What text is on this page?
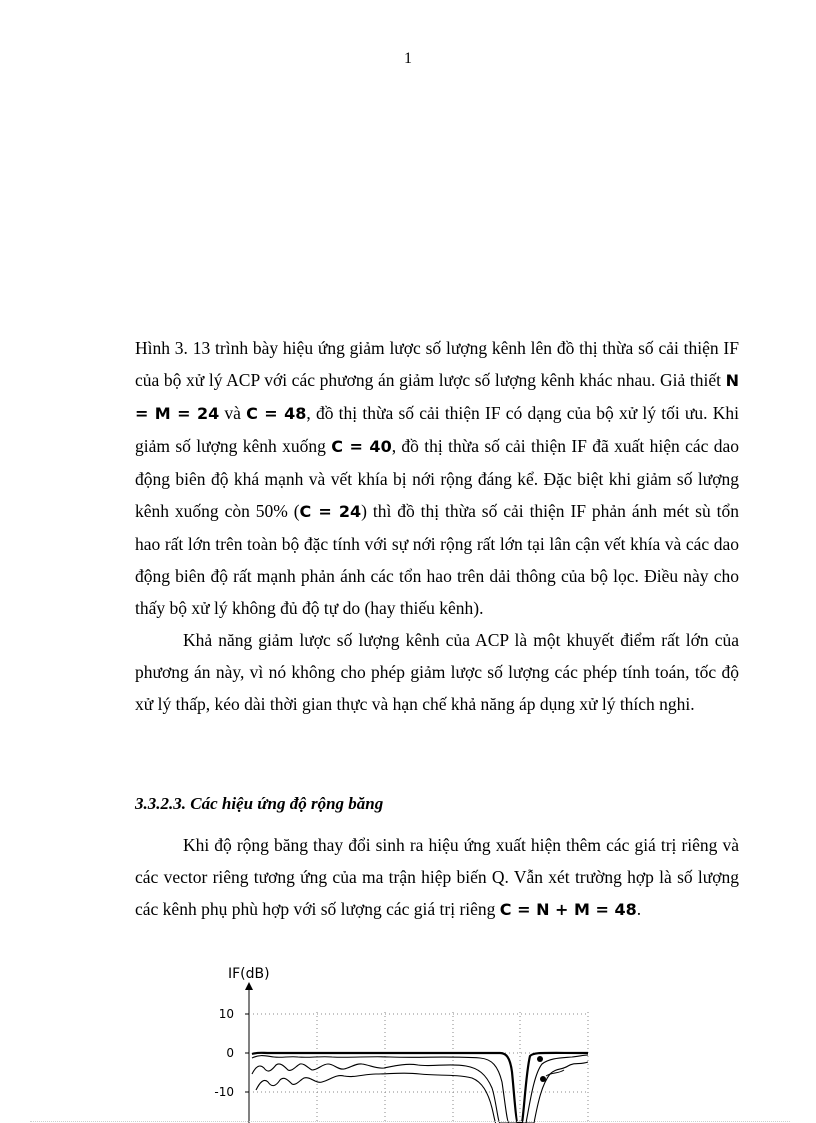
1

Hình 3. 13 trình bày hiệu ứng giảm lược số lượng kênh lên đồ thị thừa số cải thiện IF của bộ xử lý ACP với các phương án giảm lược số lượng kênh khác nhau. Giả thiết N = M = 24 và C = 48, đồ thị thừa số cải thiện IF có dạng của bộ xử lý tối ưu. Khi giảm số lượng kênh xuống C = 40, đồ thị thừa số cải thiện IF đã xuất hiện các dao động biên độ khá mạnh và vết khía bị nới rộng đáng kể. Đặc biệt khi giảm số lượng kênh xuống còn 50% (C = 24) thì đồ thị thừa số cải thiện IF phản ánh mét sù tổn hao rất lớn trên toàn bộ đặc tính với sự nới rộng rất lớn tại lân cận vết khía và các dao động biên độ rất mạnh phản ánh các tổn hao trên dải thông của bộ lọc. Điều này cho thấy bộ xử lý không đủ độ tự do (hay thiếu kênh).

Khả năng giảm lược số lượng kênh của ACP là một khuyết điểm rất lớn của phương án này, vì nó không cho phép giảm lược số lượng các phép tính toán, tốc độ xử lý thấp, kéo dài thời gian thực và hạn chế khả năng áp dụng xử lý thích nghi.

3.3.2.3. Các hiệu ứng độ rộng băng

Khi độ rộng băng thay đổi sinh ra hiệu ứng xuất hiện thêm các giá trị riêng và các vector riêng tương ứng của ma trận hiệp biến Q. Vẫn xét trường hợp là số lượng các kênh phụ phù hợp với số lượng các giá trị riêng C = N + M = 48.

IF(dB)
10
0
-10
